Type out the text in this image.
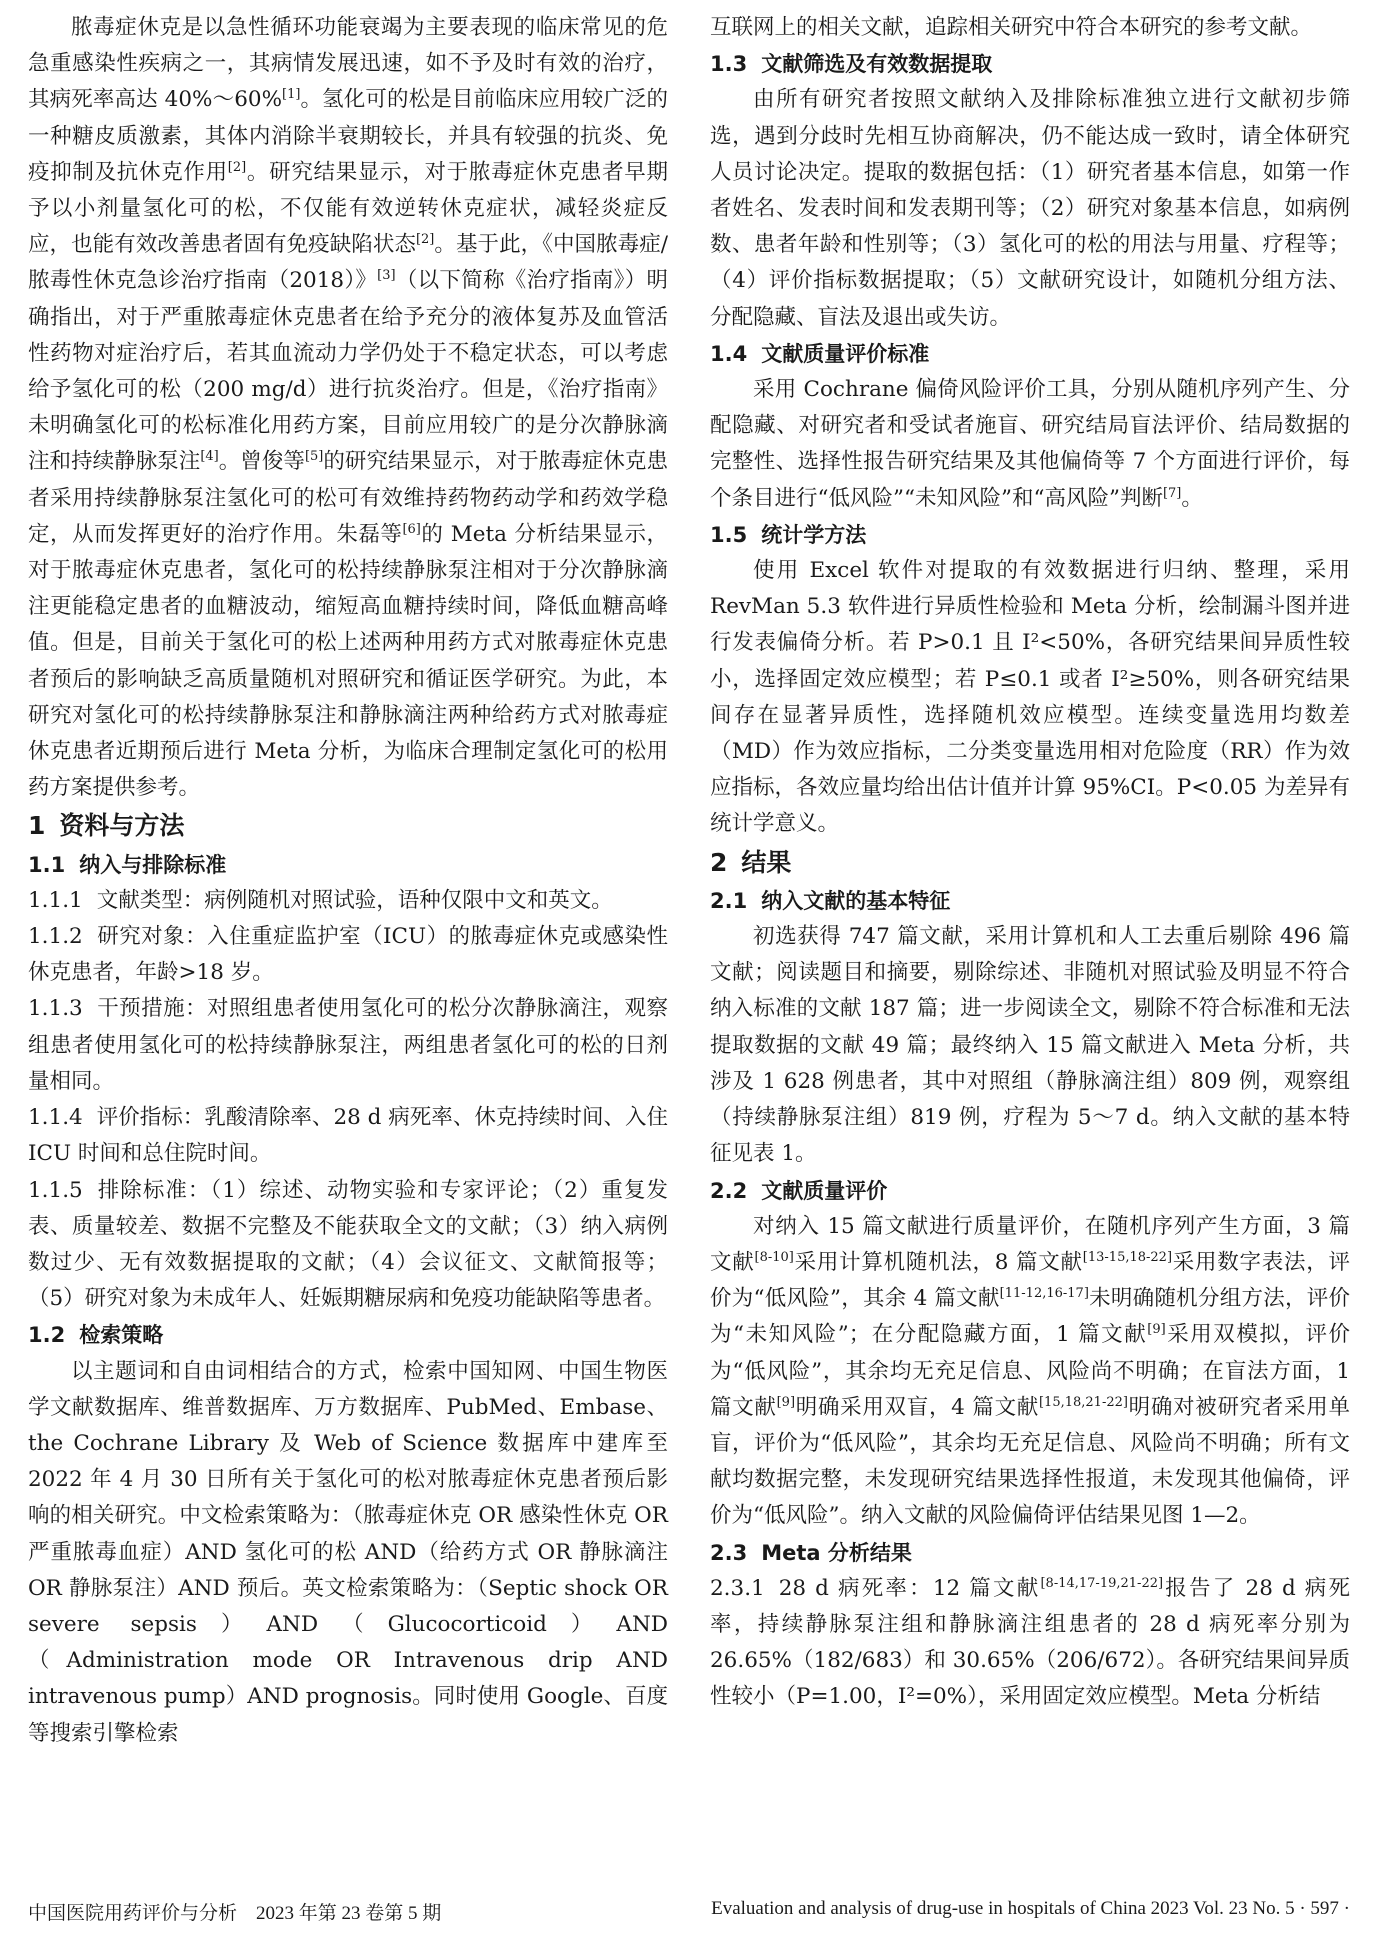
脓毒症休克是以急性循环功能衰竭为主要表现的临床常见的危急重感染性疾病之一，其病情发展迅速，如不予及时有效的治疗，其病死率高达 40%～60%[1]。氢化可的松是目前临床应用较广泛的一种糖皮质激素，其体内消除半衰期较长，并具有较强的抗炎、免疫抑制及抗休克作用[2]。研究结果显示，对于脓毒症休克患者早期予以小剂量氢化可的松，不仅能有效逆转休克症状，减轻炎症反应，也能有效改善患者固有免疫缺陷状态[2]。基于此，《中国脓毒症/脓毒性休克急诊治疗指南（2018）》[3]（以下简称《治疗指南》）明确指出，对于严重脓毒症休克患者在给予充分的液体复苏及血管活性药物对症治疗后，若其血流动力学仍处于不稳定状态，可以考虑给予氢化可的松（200 mg/d）进行抗炎治疗。但是，《治疗指南》未明确氢化可的松标准化用药方案，目前应用较广的是分次静脉滴注和持续静脉泵注[4]。曾俊等[5]的研究结果显示，对于脓毒症休克患者采用持续静脉泵注氢化可的松可有效维持药物药动学和药效学稳定，从而发挥更好的治疗作用。朱磊等[6]的 Meta 分析结果显示，对于脓毒症休克患者，氢化可的松持续静脉泵注相对于分次静脉滴注更能稳定患者的血糖波动，缩短高血糖持续时间，降低血糖高峰值。但是，目前关于氢化可的松上述两种用药方式对脓毒症休克患者预后的影响缺乏高质量随机对照研究和循证医学研究。为此，本研究对氢化可的松持续静脉泵注和静脉滴注两种给药方式对脓毒症休克患者近期预后进行 Meta 分析，为临床合理制定氢化可的松用药方案提供参考。

1 资料与方法
1.1 纳入与排除标准

1.1.1 文献类型：病例随机对照试验，语种仅限中文和英文。

1.1.2 研究对象：入住重症监护室（ICU）的脓毒症休克或感染性休克患者，年龄>18 岁。

1.1.3 干预措施：对照组患者使用氢化可的松分次静脉滴注，观察组患者使用氢化可的松持续静脉泵注，两组患者氢化可的松的日剂量相同。

1.1.4 评价指标：乳酸清除率、28 d 病死率、休克持续时间、入住 ICU 时间和总住院时间。

1.1.5 排除标准：（1）综述、动物实验和专家评论；（2）重复发表、质量较差、数据不完整及不能获取全文的文献；（3）纳入病例数过少、无有效数据提取的文献；（4）会议征文、文献简报等；（5）研究对象为未成年人、妊娠期糖尿病和免疫功能缺陷等患者。

1.2 检索策略

以主题词和自由词相结合的方式，检索中国知网、中国生物医学文献数据库、维普数据库、万方数据库、PubMed、Embase、the Cochrane Library 及 Web of Science 数据库中建库至 2022 年 4 月 30 日所有关于氢化可的松对脓毒症休克患者预后影响的相关研究。中文检索策略为：（脓毒症休克 OR 感染性休克 OR 严重脓毒血症）AND 氢化可的松 AND（给药方式 OR 静脉滴注 OR 静脉泵注）AND 预后。英文检索策略为：（Septic shock OR severe sepsis）AND（Glucocorticoid）AND（Administration mode OR Intravenous drip AND intravenous pump）AND prognosis。同时使用 Google、百度等搜索引擎检索

互联网上的相关文献，追踪相关研究中符合本研究的参考文献。

1.3 文献筛选及有效数据提取

由所有研究者按照文献纳入及排除标准独立进行文献初步筛选，遇到分歧时先相互协商解决，仍不能达成一致时，请全体研究人员讨论决定。提取的数据包括：（1）研究者基本信息，如第一作者姓名、发表时间和发表期刊等；（2）研究对象基本信息，如病例数、患者年龄和性别等；（3）氢化可的松的用法与用量、疗程等；（4）评价指标数据提取；（5）文献研究设计，如随机分组方法、分配隐藏、盲法及退出或失访。

1.4 文献质量评价标准

采用 Cochrane 偏倚风险评价工具，分别从随机序列产生、分配隐藏、对研究者和受试者施盲、研究结局盲法评价、结局数据的完整性、选择性报告研究结果及其他偏倚等 7 个方面进行评价，每个条目进行“低风险”“未知风险”和“高风险”判断[7]。

1.5 统计学方法

使用 Excel 软件对提取的有效数据进行归纳、整理，采用 RevMan 5.3 软件进行异质性检验和 Meta 分析，绘制漏斗图并进行发表偏倚分析。若 P>0.1 且 I²<50%，各研究结果间异质性较小，选择固定效应模型；若 P≤0.1 或者 I²≥50%，则各研究结果间存在显著异质性，选择随机效应模型。连续变量选用均数差（MD）作为效应指标，二分类变量选用相对危险度（RR）作为效应指标，各效应量均给出估计值并计算 95%CI。P<0.05 为差异有统计学意义。

2 结果
2.1 纳入文献的基本特征

初选获得 747 篇文献，采用计算机和人工去重后剔除 496 篇文献；阅读题目和摘要，剔除综述、非随机对照试验及明显不符合纳入标准的文献 187 篇；进一步阅读全文，剔除不符合标准和无法提取数据的文献 49 篇；最终纳入 15 篇文献进入 Meta 分析，共涉及 1 628 例患者，其中对照组（静脉滴注组）809 例，观察组（持续静脉泵注组）819 例，疗程为 5～7 d。纳入文献的基本特征见表 1。

2.2 文献质量评价

对纳入 15 篇文献进行质量评价，在随机序列产生方面，3 篇文献[8-10]采用计算机随机法，8 篇文献[13-15,18-22]采用数字表法，评价为“低风险”，其余 4 篇文献[11-12,16-17]未明确随机分组方法，评价为“未知风险”；在分配隐藏方面，1 篇文献[9]采用双模拟，评价为“低风险”，其余均无充足信息、风险尚不明确；在盲法方面，1 篇文献[9]明确采用双盲，4 篇文献[15,18,21-22]明确对被研究者采用单盲，评价为“低风险”，其余均无充足信息、风险尚不明确；所有文献均数据完整，未发现研究结果选择性报道，未发现其他偏倚，评价为“低风险”。纳入文献的风险偏倚评估结果见图 1—2。

2.3 Meta 分析结果

2.3.1 28 d 病死率：12 篇文献[8-14,17-19,21-22]报告了 28 d 病死率，持续静脉泵注组和静脉滴注组患者的 28 d 病死率分别为 26.65%（182/683）和 30.65%（206/672）。各研究结果间异质性较小（P=1.00，I²=0%），采用固定效应模型。Meta 分析结

中国医院用药评价与分析　2023 年第 23 卷第 5 期	Evaluation and analysis of drug-use in hospitals of China 2023 Vol. 23 No. 5 · 597 ·
